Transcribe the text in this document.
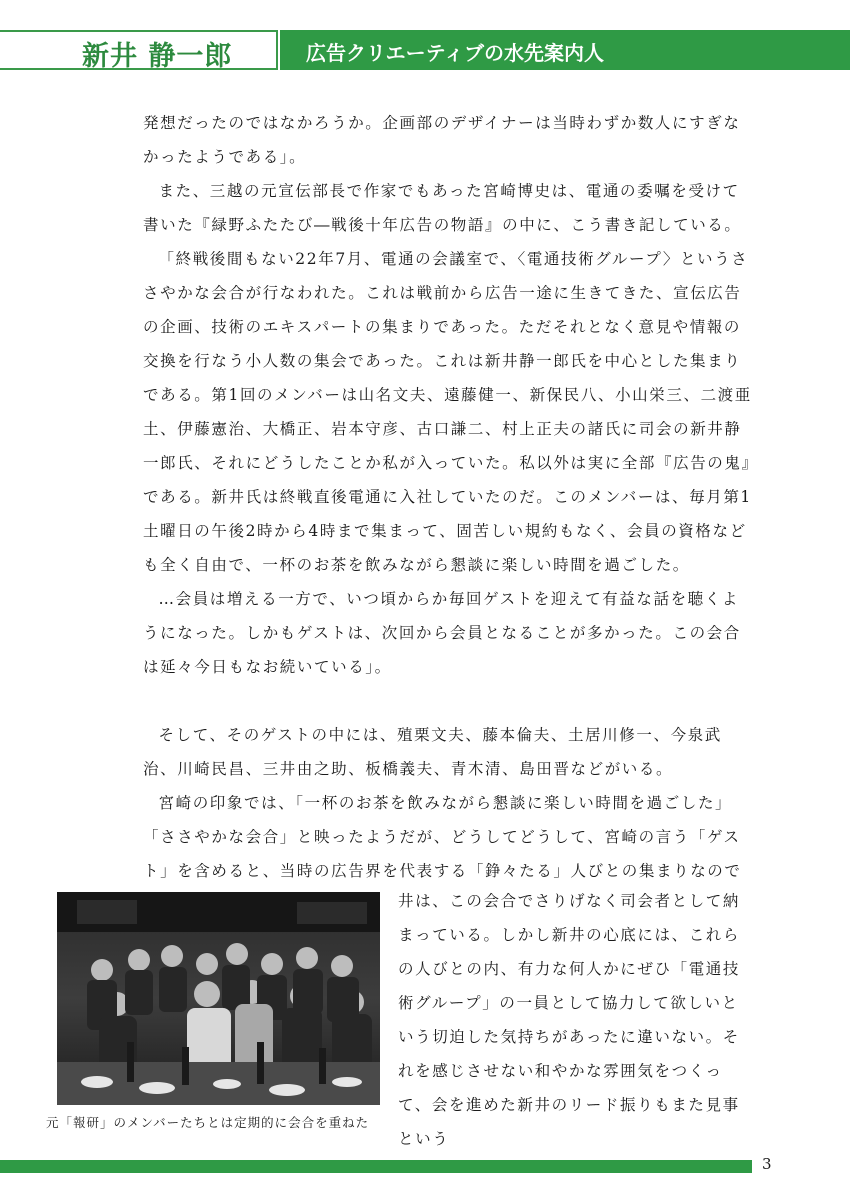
新井 静一郎	広告クリエーティブの水先案内人

発想だったのではなかろうか。企画部のデザイナーは当時わずか数人にすぎなかったようである」。

また、三越の元宣伝部長で作家でもあった宮崎博史は、電通の委嘱を受けて書いた『緑野ふたたび―戦後十年広告の物語』の中に、こう書き記している。

「終戦後間もない22年7月、電通の会議室で、〈電通技術グループ〉というささやかな会合が行なわれた。これは戦前から広告一途に生きてきた、宣伝広告の企画、技術のエキスパートの集まりであった。ただそれとなく意見や情報の交換を行なう小人数の集会であった。これは新井静一郎氏を中心とした集まりである。第1回のメンバーは山名文夫、遠藤健一、新保民八、小山栄三、二渡亜土、伊藤憲治、大橋正、岩本守彦、古口謙二、村上正夫の諸氏に司会の新井静一郎氏、それにどうしたことか私が入っていた。私以外は実に全部『広告の鬼』である。新井氏は終戦直後電通に入社していたのだ。このメンバーは、毎月第1土曜日の午後2時から4時まで集まって、固苦しい規約もなく、会員の資格なども全く自由で、一杯のお茶を飲みながら懇談に楽しい時間を過ごした。

…会員は増える一方で、いつ頃からか毎回ゲストを迎えて有益な話を聴くようになった。しかもゲストは、次回から会員となることが多かった。この会合は延々今日もなお続いている」。

そして、そのゲストの中には、殖栗文夫、藤本倫夫、土居川修一、今泉武治、川崎民昌、三井由之助、板橋義夫、青木清、島田晋などがいる。

宮崎の印象では、「一杯のお茶を飲みながら懇談に楽しい時間を過ごした」「ささやかな会合」と映ったようだが、どうしてどうして、宮崎の言う「ゲスト」を含めると、当時の広告界を代表する「錚々たる」人びとの集まりなので

井は、この会合でさりげなく司会者として納まっている。しかし新井の心底には、これらの人びとの内、有力な何人かにぜひ「電通技術グループ」の一員として協力して欲しいという切迫した気持ちがあったに違いない。それを感じさせない和やかな雰囲気をつくって、会を進めた新井のリード振りもまた見事という
元「報研」のメンバーたちとは定期的に会合を重ねた
3
